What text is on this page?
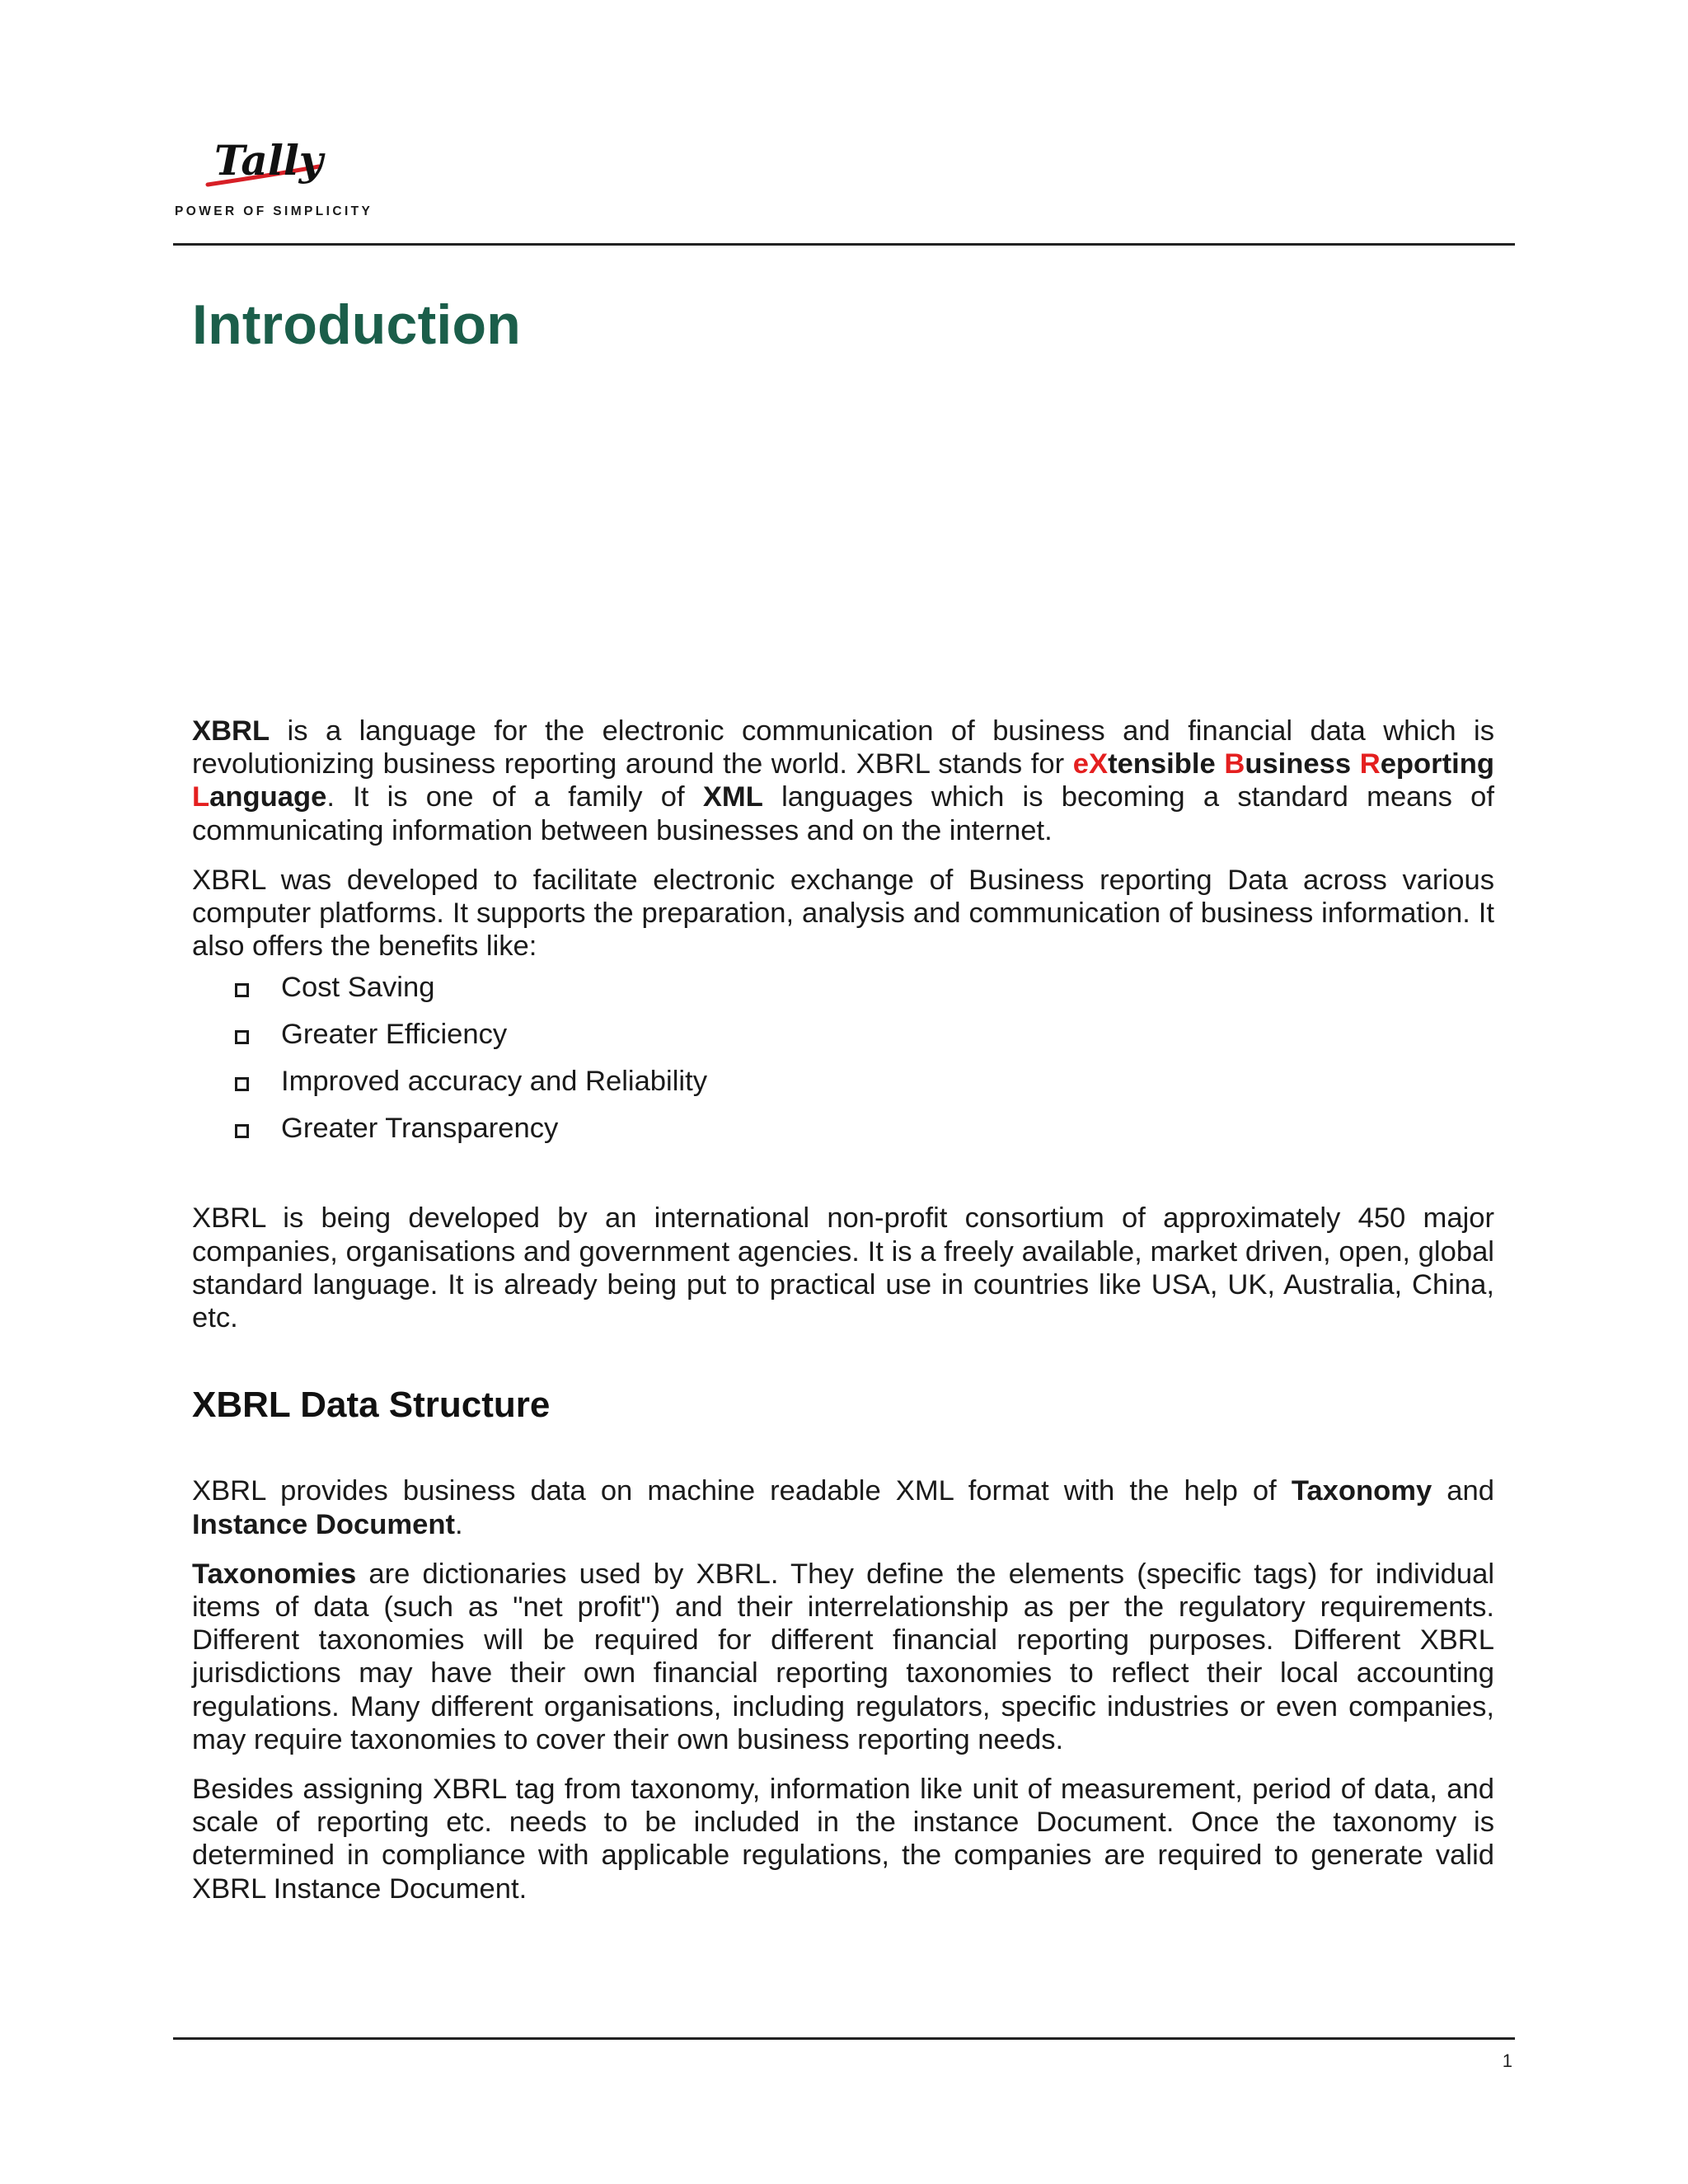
Tally
POWER OF SIMPLICITY
Introduction

XBRL is a language for the electronic communication of business and financial data which is revolutionizing business reporting around the world. XBRL stands for eXtensible Business Reporting Language. It is one of a family of XML languages which is becoming a standard means of communicating information between businesses and on the internet.

XBRL was developed to facilitate electronic exchange of Business reporting Data across various computer platforms. It supports the preparation, analysis and communication of business information. It also offers the benefits like:

Cost Saving
Greater Efficiency
Improved accuracy and Reliability
Greater Transparency

XBRL is being developed by an international non-profit consortium of approximately 450 major companies, organisations and government agencies. It is a freely available, market driven, open, global standard language. It is already being put to practical use in countries like USA, UK, Australia, China, etc.

XBRL Data Structure

XBRL provides business data on machine readable XML format with the help of Taxonomy and Instance Document.

Taxonomies are dictionaries used by XBRL. They define the elements (specific tags) for individual items of data (such as "net profit") and their interrelationship as per the regulatory requirements. Different taxonomies will be required for different financial reporting purposes. Different XBRL jurisdictions may have their own financial reporting taxonomies to reflect their local accounting regulations. Many different organisations, including regulators, specific industries or even companies, may require taxonomies to cover their own business reporting needs.

Besides assigning XBRL tag from taxonomy, information like unit of measurement, period of data, and scale of reporting etc. needs to be included in the instance Document. Once the taxonomy is determined in compliance with applicable regulations, the companies are required to generate valid XBRL Instance Document.

1
